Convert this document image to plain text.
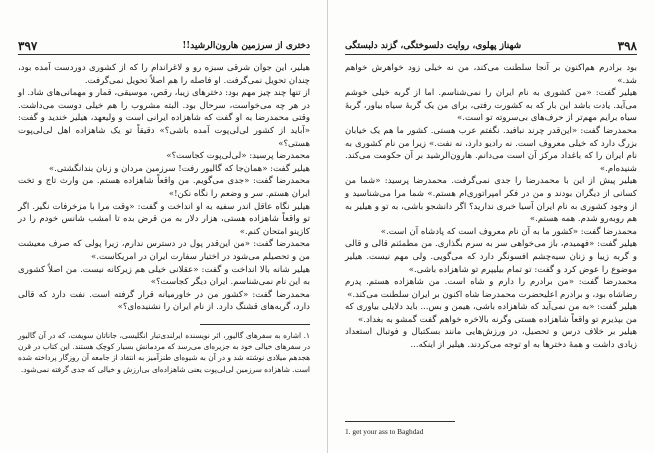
۳۹۷	دختری از سرزمین هارون‌الرشید!!

هیلیر، این جوان شرقی سبزه رو و لاغراندام را که از کشوری دوردست آمده بود، چندان تحویل نمی‌گرفت. او فاصله را هم اصلاً تحویل نمی‌گرفت.

از تنها چند چیز مهم بود: دخترهای زیبا، رقص، موسیقی، قمار و مهمانی‌های شاد. او در هر چه می‌خواست، سرحال بود. البته مشروب را هم خیلی دوست می‌داشت. وقتی محمدرضا به او گفت که شاهزاده ایرانی است و ولیعهد، هیلیر خندید و گفت: «آباید از کشور لی‌لی‌پوت آمده باشی؟» دقیقاً تو یک شاهزاده اهل لی‌لی‌پوت هستی؟»

محمدرضا پرسید: «لی‌لی‌پوت کجاست؟»

هیلیر گفت: «همان‌جا که گالیور رفت! سرزمین مردان و زنان بندانگشتی.»

محمدرضا گفت: «جدی می‌گویم. من واقعاً شاهزاده هستم. من وارث تاج و تخت ایران هستم. سر و وضعم را نگاه نکن!»

هیلیر نگاه عاقل اندر سفیه به او انداخت و گفت: «وقت مرا با مزخرفات نگیر. اگر تو واقعاً شاهزاده هستی، هزار دلار به من قرض بده تا امشب شانس خودم را در کازینو امتحان کنم.»

محمدرضا گفت: «من این‌قدر پول در دسترس ندارم، زیرا پولی که صرف معیشت من و تحصیلم می‌شود در اختیار سفارت ایران در امریکاست.»

هیلیر شانه بالا انداخت و گفت: «عقلانی خیلی هم زیرکانه نیست. من اصلاً کشوری به این نام نمی‌شناسم. ایران دیگر کجاست؟»

محمدرضا گفت: «کشور من در خاورمیانه قرار گرفته است. نفت دارد که قالی دارد، گربه‌های قشنگ دارد. از نام ایران را نشنیده‌ای؟»

۱. اشاره به سفرهای گالیور، اثر نویسنده ایرلندی‌تبار انگلیسی، جاناتان سویفت، که در آن گالیور در سفرهای خیالی خود به جزیره‌ای می‌رسد که مردمانش بسیار کوچک هستند. این کتاب در قرن هجدهم میلادی نوشته شد و در آن به شیوه‌ای طنزآمیز به انتقاد از جامعه آن روزگار پرداخته شده است. شاهزاده سرزمین لی‌لی‌پوت یعنی شاهزاده‌ای بی‌ارزش و خیالی که جدی گرفته نمی‌شود.
۳۹۸
شهناز پهلوی، روایت دلسوختگی، گزند دلبستگی

بود برادرم هم‌اکنون بر آنجا سلطنت می‌کند، من نه خیلی زود خواهرش خواهم شد.»

هیلیر گفت: «من کشوری به نام ایران را نمی‌شناسم. اما از گربه خیلی خوشم می‌آید. یادت باشد این بار که به کشورت رفتی، برای من یک گربهٔ سیاه بیاور، گربهٔ سیاه برایم مهم‌تر از حرف‌های بی‌سروته تو است.»

محمدرضا گفت: «این‌قدر چرند نبافید. نگفتم عرب هستی. کشور ما هم یک خیابان بزرگ دارد که خیلی معروف است. نه رادیو دارد، نه نفت.» زیرا من نام کشوری به نام ایران را که باغداد مرکز آن است می‌دانم. هارون‌الرشید بر آن حکومت می‌کند. شنیده‌ام.»

هیلیر پیش از این با محمدرضا را جدی نمی‌گرفت. محمدرضا پرسید: «شما من کسانی از دیگران بودند و من در فکر امپراتوری‌ام هستم.» شما مرا می‌شناسید و از وجود کشوری به نام ایران آسیا خبری ندارید؟ اگر دانشجو باشی، به تو و هیلیر به هم روبه‌رو شدم. همه هستم.»

محمدرضا گفت: «کشور ما به آن نام معروف است که پادشاه آن است.»

هیلیر گفت: «فهمیدم، باز می‌خواهی سر به سرم بگذاری. من مطمئنم قالی و قالی و گربه زیبا و زنان سیه‌چشم افسونگر دارد که می‌گویی. ولی مهم نیست. هیلیر موضوع را عوض کرد و گفت: تو تمام بیلیپرم تو شاهزاده باشی.»

محمدرضا گفت: «من برادرم را دارم و شاه است. من شاهزاده هستم. پدرم رضاشاه بود، و برادرم اعلیحضرت محمدرضا شاه اکنون بر ایران سلطنت می‌کند.»

هیلیر گفت: «به من نمی‌آید که شاهزاده باشی، هیمن و بس... باید دلایلی بیاوری که من بپذیرم تو واقعاً شاهزاده هستی وگرنه بالاخره خواهم گفت گمشو به بغداد.»

هیلیر بر خلاف درس و تحصیل، در ورزش‌هایی مانند بسکتبال و فوتبال استعداد زیادی داشت و همهٔ دخترها به او توجه می‌کردند. هیلیر از اینکه...

1. get your ass to Baghdad
